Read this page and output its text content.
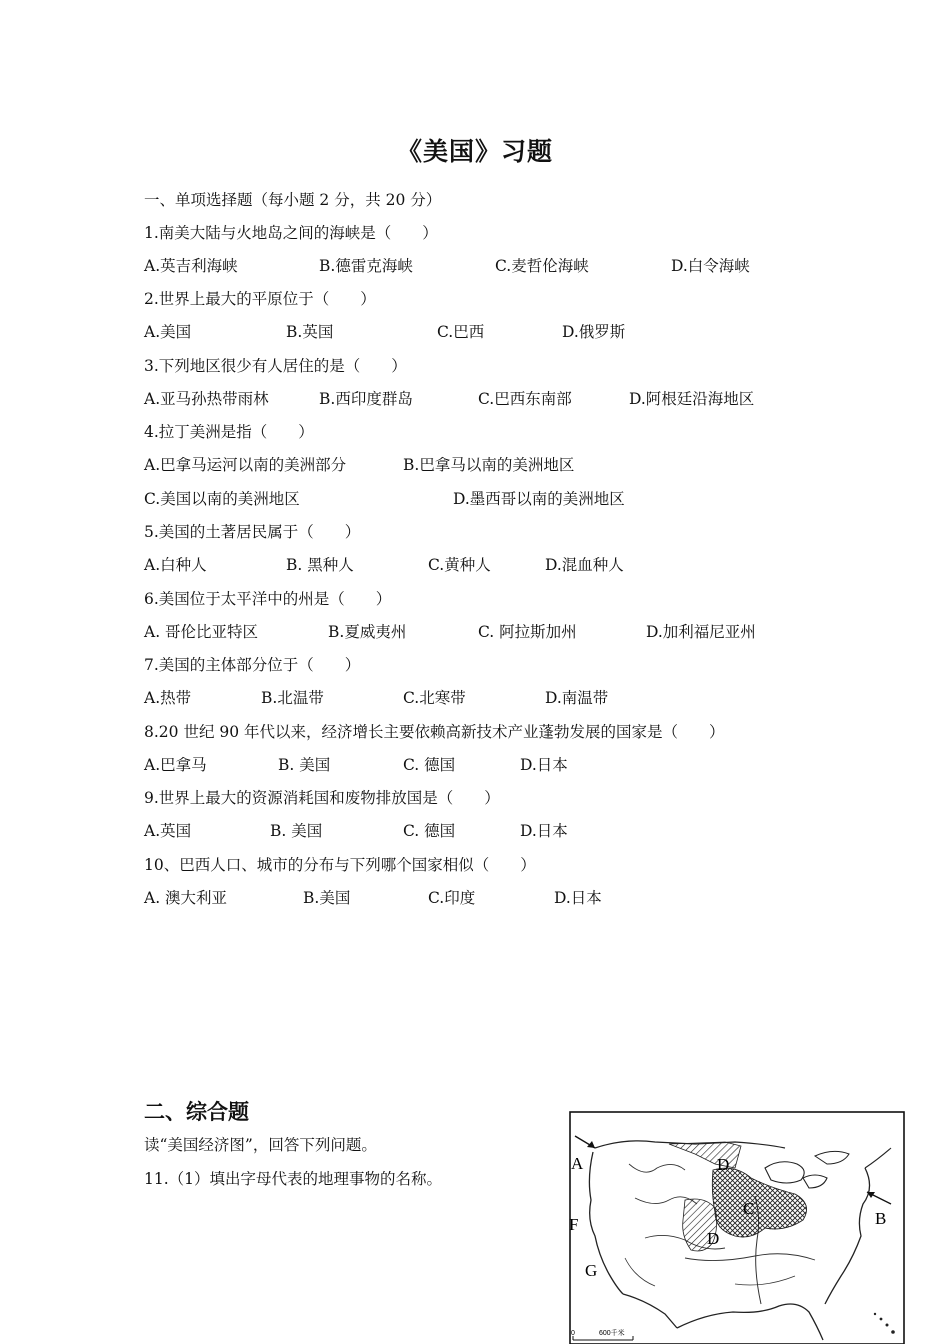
《美国》习题
一、单项选择题（每小题 2 分，共 20 分）
1.南美大陆与火地岛之间的海峡是（　　）
A.英吉利海峡	B.德雷克海峡	C.麦哲伦海峡	D.白令海峡
2.世界上最大的平原位于（　　）
A.美国	B.英国	C.巴西	D.俄罗斯
3.下列地区很少有人居住的是（　　）
A.亚马孙热带雨林	B.西印度群岛	C.巴西东南部	D.阿根廷沿海地区
4.拉丁美洲是指（　　）
A.巴拿马运河以南的美洲部分	B.巴拿马以南的美洲地区
C.美国以南的美洲地区	D.墨西哥以南的美洲地区
5.美国的土著居民属于（　　）
A.白种人	B. 黑种人	C.黄种人	D.混血种人
6.美国位于太平洋中的州是（　　）
A. 哥伦比亚特区	B.夏威夷州	C. 阿拉斯加州	D.加利福尼亚州
7.美国的主体部分位于（　　）
A.热带	B.北温带	C.北寒带	D.南温带
8.20 世纪 90 年代以来，经济增长主要依赖高新技术产业蓬勃发展的国家是（　　）
A.巴拿马	B. 美国	C. 德国	D.日本
9.世界上最大的资源消耗国和废物排放国是（　　）
A.英国	B. 美国	C. 德国	D.日本
10、巴西人口、城市的分布与下列哪个国家相似（　　）
A. 澳大利亚	B.美国	C.印度	D.日本
二、综合题
读“美国经济图”，回答下列问题。
11.（1）填出字母代表的地理事物的名称。
A
B
C
D
D
F
G
0	600千米
